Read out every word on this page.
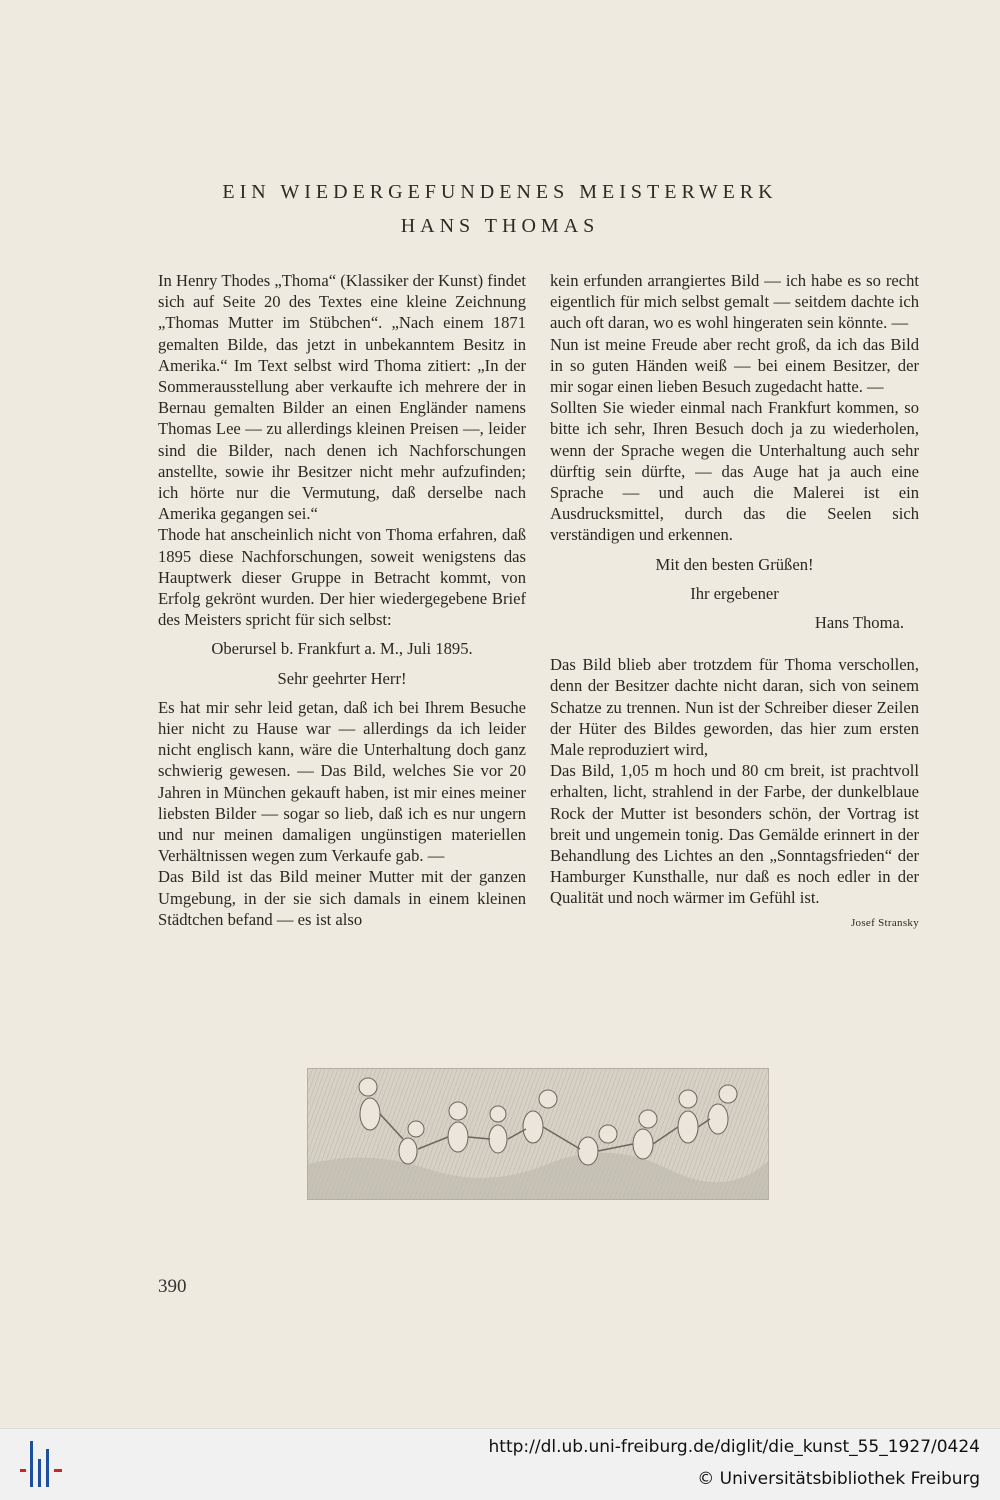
EIN WIEDERGEFUNDENES MEISTERWERK
HANS THOMAS

In Henry Thodes „Thoma“ (Klassiker der Kunst) findet sich auf Seite 20 des Textes eine kleine Zeichnung „Thomas Mutter im Stübchen“. „Nach einem 1871 gemalten Bilde, das jetzt in unbekanntem Besitz in Amerika.“ Im Text selbst wird Thoma zitiert: „In der Sommerausstellung aber verkaufte ich mehrere der in Bernau gemalten Bilder an einen Engländer namens Thomas Lee — zu allerdings kleinen Preisen —, leider sind die Bilder, nach denen ich Nachforschungen anstellte, sowie ihr Besitzer nicht mehr aufzufinden; ich hörte nur die Vermutung, daß derselbe nach Amerika gegangen sei.“

Thode hat anscheinlich nicht von Thoma erfahren, daß 1895 diese Nachforschungen, soweit wenigstens das Hauptwerk dieser Gruppe in Betracht kommt, von Erfolg gekrönt wurden. Der hier wiedergegebene Brief des Meisters spricht für sich selbst:

Oberursel b. Frankfurt a. M., Juli 1895.

Sehr geehrter Herr!

Es hat mir sehr leid getan, daß ich bei Ihrem Besuche hier nicht zu Hause war — allerdings da ich leider nicht englisch kann, wäre die Unterhaltung doch ganz schwierig gewesen. — Das Bild, welches Sie vor 20 Jahren in München gekauft haben, ist mir eines meiner liebsten Bilder — sogar so lieb, daß ich es nur ungern und nur meinen damaligen ungünstigen materiellen Verhältnissen wegen zum Verkaufe gab. —

Das Bild ist das Bild meiner Mutter mit der ganzen Umgebung, in der sie sich damals in einem kleinen Städtchen befand — es ist also

kein erfunden arrangiertes Bild — ich habe es so recht eigentlich für mich selbst gemalt — seitdem dachte ich auch oft daran, wo es wohl hingeraten sein könnte. —

Nun ist meine Freude aber recht groß, da ich das Bild in so guten Händen weiß — bei einem Besitzer, der mir sogar einen lieben Besuch zugedacht hatte. —

Sollten Sie wieder einmal nach Frankfurt kommen, so bitte ich sehr, Ihren Besuch doch ja zu wiederholen, wenn der Sprache wegen die Unterhaltung auch sehr dürftig sein dürfte, — das Auge hat ja auch eine Sprache — und auch die Malerei ist ein Ausdrucksmittel, durch das die Seelen sich verständigen und erkennen.

Mit den besten Grüßen!

Ihr ergebener

Hans Thoma.

Das Bild blieb aber trotzdem für Thoma verschollen, denn der Besitzer dachte nicht daran, sich von seinem Schatze zu trennen. Nun ist der Schreiber dieser Zeilen der Hüter des Bildes geworden, das hier zum ersten Male reproduziert wird,

Das Bild, 1,05 m hoch und 80 cm breit, ist prachtvoll erhalten, licht, strahlend in der Farbe, der dunkelblaue Rock der Mutter ist besonders schön, der Vortrag ist breit und ungemein tonig. Das Gemälde erinnert in der Behandlung des Lichtes an den „Sonntagsfrieden“ der Hamburger Kunsthalle, nur daß es noch edler in der Qualität und noch wärmer im Gefühl ist.

Josef Stransky

390
http://dl.ub.uni-freiburg.de/diglit/die_kunst_55_1927/0424
© Universitätsbibliothek Freiburg
